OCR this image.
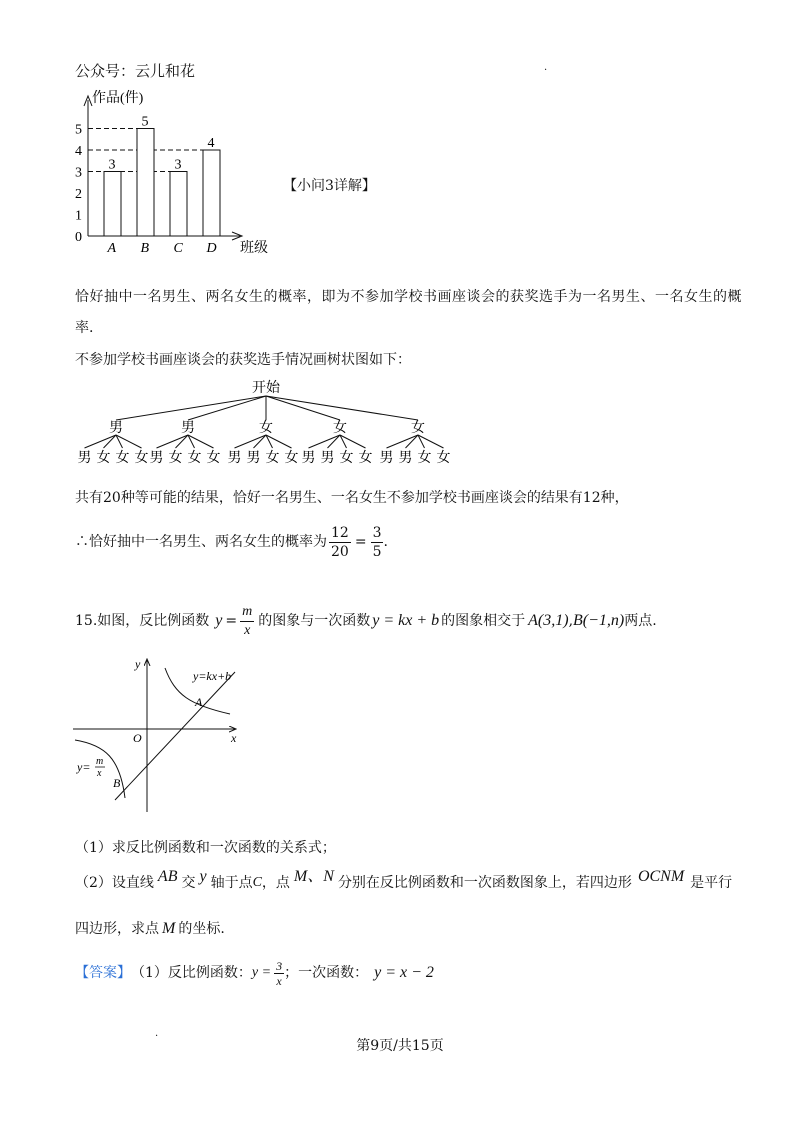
公众号：云儿和花	.
作品(件)
班级
0
1
2
3
4
5
3
A
5
B
3
C
4
D
【小问3详解】
恰好抽中一名男生、两名女生的概率，即为不参加学校书画座谈会的获奖选手为一名男生、一名女生的概
率.
不参加学校书画座谈会的获奖选手情况画树状图如下：
开始
男
男 女 女 女
男
男 女 女 女
女
男 男 女 女
女
男 男 女 女
女
男 男 女 女
共有20种等可能的结果，恰好一名男生、一名女生不参加学校书画座谈会的结果有12种，
∴恰好抽中一名男生、两名女生的概率为 $\frac{12}{20} = \frac{3}{5}$ .
15. 如图，反比例函数 $y = \frac{m}{x}$ 的图象与一次函数 y = kx + b 的图象相交于 A(3,1) , B(−1,n) 两点.
y=kx+b
A
B
O	x
y
y= m
x
（1）求反比例函数和一次函数的关系式；
（2）设直线 AB 交 y 轴于点 C ，点 M、N 分别在反比例函数和一次函数图象上，若四边形 OCNM 是平行
四边形，求点 M 的坐标.
【答案】 （1）反比例函数： $y = \frac{3}{x}$ ；一次函数： y = x − 2
.
第9页/共15页
